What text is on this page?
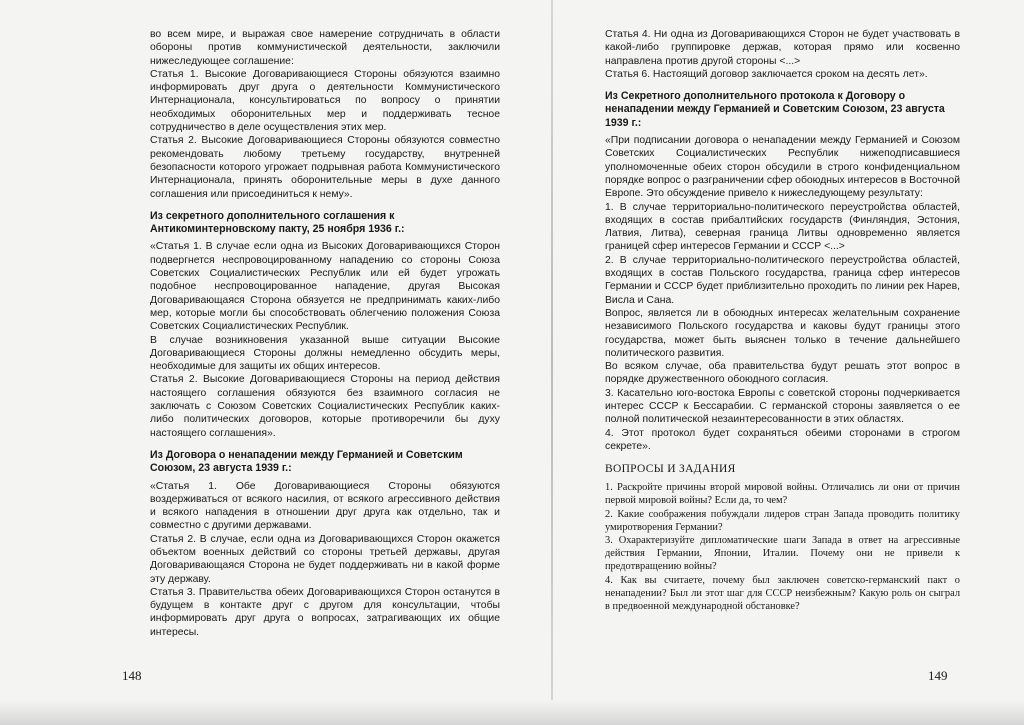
во всем мире, и выражая свое намерение сотрудничать в области обороны против коммунистической деятельности, заключили нижеследующее соглашение:

Статья 1. Высокие Договаривающиеся Стороны обязуются взаимно информировать друг друга о деятельности Коммунистического Интернационала, консультироваться по вопросу о принятии необходимых оборонительных мер и поддерживать тесное сотрудничество в деле осуществления этих мер.

Статья 2. Высокие Договаривающиеся Стороны обязуются совместно рекомендовать любому третьему государству, внутренней безопасности которого угрожает подрывная работа Коммунистического Интернационала, принять оборонительные меры в духе данного соглашения или присоединиться к нему».

Из секретного дополнительного соглашения к Антикоминтерновскому пакту, 25 ноября 1936 г.:

«Статья 1. В случае если одна из Высоких Договаривающихся Сторон подвергнется неспровоцированному нападению со стороны Союза Советских Социалистических Республик или ей будет угрожать подобное неспровоцированное нападение, другая Высокая Договаривающаяся Сторона обязуется не предпринимать каких-либо мер, которые могли бы способствовать облегчению положения Союза Советских Социалистических Республик.

В случае возникновения указанной выше ситуации Высокие Договаривающиеся Стороны должны немедленно обсудить меры, необходимые для защиты их общих интересов.

Статья 2. Высокие Договаривающиеся Стороны на период действия настоящего соглашения обязуются без взаимного согласия не заключать с Союзом Советских Социалистических Республик каких-либо политических договоров, которые противоречили бы духу настоящего соглашения».

Из Договора о ненападении между Германией и Советским Союзом, 23 августа 1939 г.:

«Статья 1. Обе Договаривающиеся Стороны обязуются воздерживаться от всякого насилия, от всякого агрессивного действия и всякого нападения в отношении друг друга как отдельно, так и совместно с другими державами.

Статья 2. В случае, если одна из Договаривающихся Сторон окажется объектом военных действий со стороны третьей державы, другая Договаривающаяся Сторона не будет поддерживать ни в какой форме эту державу.

Статья 3. Правительства обеих Договаривающихся Сторон останутся в будущем в контакте друг с другом для консультации, чтобы информировать друг друга о вопросах, затрагивающих их общие интересы.

148

Статья 4. Ни одна из Договаривающихся Сторон не будет участвовать в какой-либо группировке держав, которая прямо или косвенно направлена против другой стороны <...>

Статья 6. Настоящий договор заключается сроком на десять лет».

Из Секретного дополнительного протокола к Договору о ненападении между Германией и Советским Союзом, 23 августа 1939 г.:

«При подписании договора о ненападении между Германией и Союзом Советских Социалистических Республик нижеподписавшиеся уполномоченные обеих сторон обсудили в строго конфиденциальном порядке вопрос о разграничении сфер обоюдных интересов в Восточной Европе. Это обсуждение привело к нижеследующему результату:

1. В случае территориально-политического переустройства областей, входящих в состав прибалтийских государств (Финляндия, Эстония, Латвия, Литва), северная граница Литвы одновременно является границей сфер интересов Германии и СССР <...>

2. В случае территориально-политического переустройства областей, входящих в состав Польского государства, граница сфер интересов Германии и СССР будет приблизительно проходить по линии рек Нарев, Висла и Сана.

Вопрос, является ли в обоюдных интересах желательным сохранение независимого Польского государства и каковы будут границы этого государства, может быть выяснен только в течение дальнейшего политического развития.

Во всяком случае, оба правительства будут решать этот вопрос в порядке дружественного обоюдного согласия.

3. Касательно юго-востока Европы с советской стороны подчеркивается интерес СССР к Бессарабии. С германской стороны заявляется о ее полной политической незаинтересованности в этих областях.

4. Этот протокол будет сохраняться обеими сторонами в строгом секрете».

ВОПРОСЫ И ЗАДАНИЯ

1. Раскройте причины второй мировой войны. Отличались ли они от причин первой мировой войны? Если да, то чем?

2. Какие соображения побуждали лидеров стран Запада проводить политику умиротворения Германии?

3. Охарактеризуйте дипломатические шаги Запада в ответ на агрессивные действия Германии, Японии, Италии. Почему они не привели к предотвращению войны?

4. Как вы считаете, почему был заключен советско-германский пакт о ненападении? Был ли этот шаг для СССР неизбежным? Какую роль он сыграл в предвоенной международной обстановке?

149
